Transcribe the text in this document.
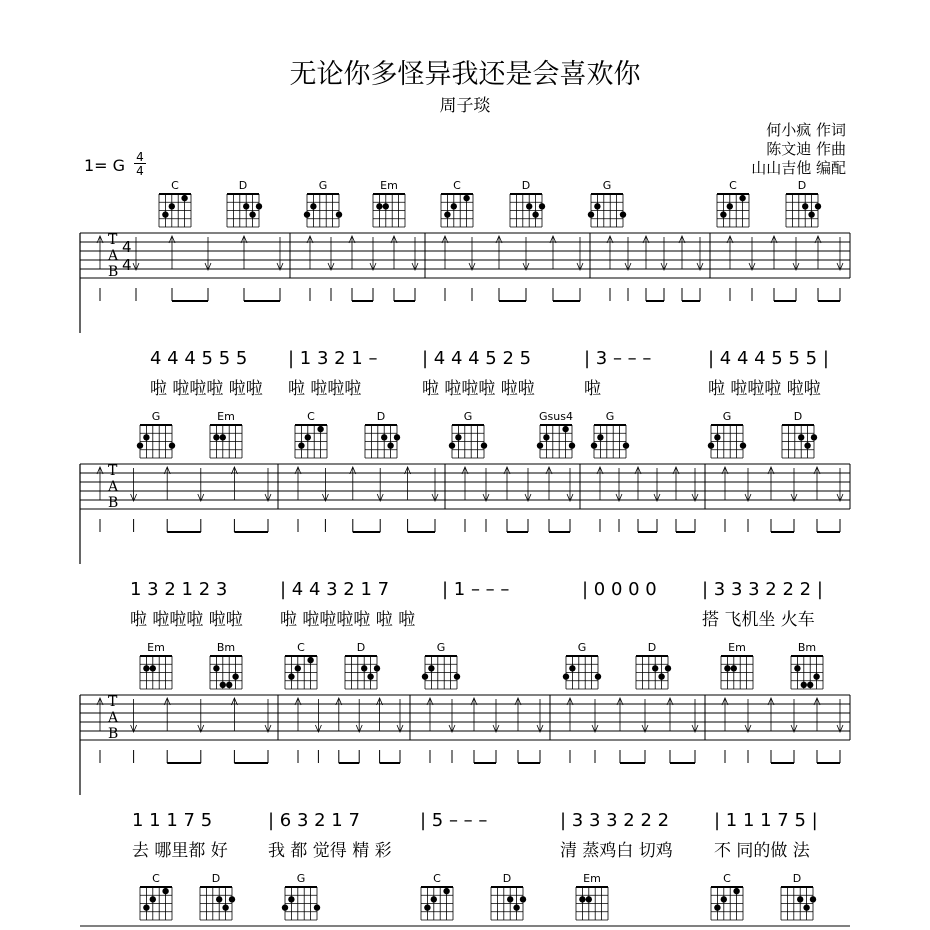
无论你多怪异我还是会喜欢你
周子琰
何小疯 作词
陈文迪 作曲
山山吉他 编配
1= G 4
4
T
A
B
4
4
T
A
B
T
A
B
C	D	G	Em	C	D	G	C	D
4 4 4 5 5 5 | 1 3 2 1 – | 4 4 4 5 2 5	| 3 – – –	| 4 4 4 5 5 5 |
啦 啦啦啦 啦啦 啦 啦啦啦	啦 啦啦啦 啦啦	啦	啦 啦啦啦 啦啦
G	Em	C	D	G	Gsus4	G	G	D
1 3 2 1 2 3	| 4 4 3 2 1 7	| 1 – – –	| 0 0 0 0	| 3 3 3 2 2 2 |
啦 啦啦啦 啦啦 啦 啦啦啦啦 啦 啦	搭 飞机坐 火车
Em	Bm	C	D	G	G	D	Em	Bm
1 1 1 7 5	| 6 3 2 1 7	| 5 – – –	| 3 3 3 2 2 2 | 1 1 1 7 5 |
去 哪里都 好 我 都 觉得 精 彩	清 蒸鸡白 切鸡 不 同的做 法
C	D	G	C	D	Em	C	D
